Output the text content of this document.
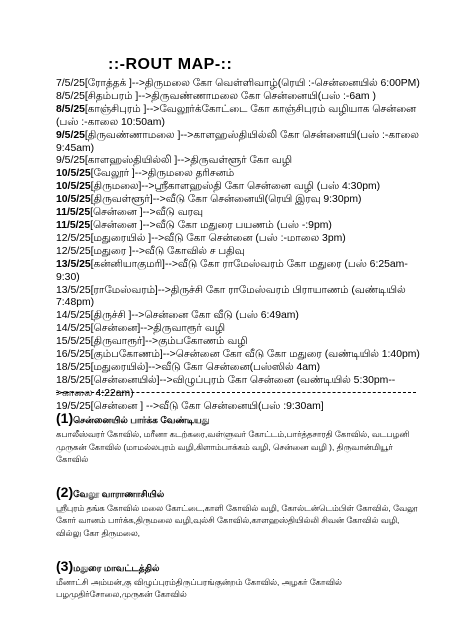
::-ROUT MAP-::
7/5/25[ரோத்தக் ]-->திருமலை கோ வெள்ளிவாழ்(ரெயி :-சென்னையில் 6:00PM)
8/5/25[சிதம்பரம் ]-->திருவண்ணாமலை கோ சென்னையி(பஸ் :-6am )
8/5/25[காஞ்சிபுரம் ]-->வேலூர்க்கோட்டை கோ காஞ்சிபுரம் வழியாக சென்னை (பஸ் :-காலை 10:50am)
9/5/25[திருவண்ணாமலை ]-->காளஹஸ்தியில்லி கோ சென்னையி(பஸ் :-காலை 9:45am)
9/5/25[காளஹஸ்தியில்லி ]-->திருவள்ளூர் கோ வழி
10/5/25[வேலூர் ]-->திருமலை தரிசனம்
10/5/25[திருமலை]-->ஸ்ரீகாளஹஸ்தி கோ சென்னை வழி (பஸ் 4:30pm)
10/5/25[திருவள்ளூர்]-->வீடு கோ சென்னையி(ரெயி இரவு 9:30pm)
11/5/25[சென்னை ]-->வீடு வரவு
11/5/25[சென்னை ]-->வீடு கோ மதுரை பயணம் (பஸ் -:9pm)
12/5/25[மதுரையில் ]-->வீடு கோ சென்னை (பஸ் :-மாலை 3pm)
12/5/25[மதுரை ]-->வீடு கோவில் ச பதிவு
13/5/25[கன்னியாகுமரி]-->வீடு கோ ராமேஸ்வரம் கோ மதுரை (பஸ் 6:25am-9:30)
13/5/25[ராமேஸ்வரம்]-->திருச்சி கோ ராமேஸ்வரம் பிராயாணம் (வண்டியில் 7:48pm)
14/5/25[திருச்சி ]-->சென்னை கோ வீடு (பஸ் 6:49am)
14/5/25[சென்னை]-->திருவாரூர் வழி
15/5/25[திருவாரூர்]-->கும்பகோணம் வழி
16/5/25[கும்பகோணம்]-->சென்னை கோ வீடு கோ மதுரை (வண்டியில் 1:40pm)
18/5/25[மதுரையில்]-->வீடு கோ சென்னை(பஸ்ஸில் 4am)
18/5/25[சென்னையில்]-->விழுப்புரம் கோ சென்னை (வண்டியில் 5:30pm-->காலை 4:22am)
19/5/25[சென்னை ] -->வீடு கோ சென்னையி(பஸ் :9:30am]
(1)சென்னையில் பார்க்க வேண்டியது
கபாலீஸ்வரர் கோவில், மரீனா கடற்கரை,வள்ளுவர் கோட்டம்,பார்த்தசாரதி கோவில், வடபழனி முருகன் கோவில் (மாமல்லபுரம் வழி,கிளாம்பாக்கம் வழி, சென்னை வழி ), திருவான்மியூர் கோவில்
(2)வேலூ வாராணாசியில்
ஸ்ரீபுரம் தங்க கோவில் மலை கோட்டை,காளி கோவில் வழி, கோல்டன்டெம்பிள் கோவில், வேலூ கோர் வானம் பார்க்க,திருமலை வழி,வுல்சி கோவில்,காளஹஸ்தியில்லி சிவன் கோவில் வழி, வில்லு கோ திருமலை,
(3)மதுரை மாவட்டத்தில்
மீனாட்சி அம்மன்,கு விழுப்புரம்திருப்பரங்குன்றம் கோவில், அழகர் கோவில் பழமுதிர்சோலை,முருகன் கோவில்
